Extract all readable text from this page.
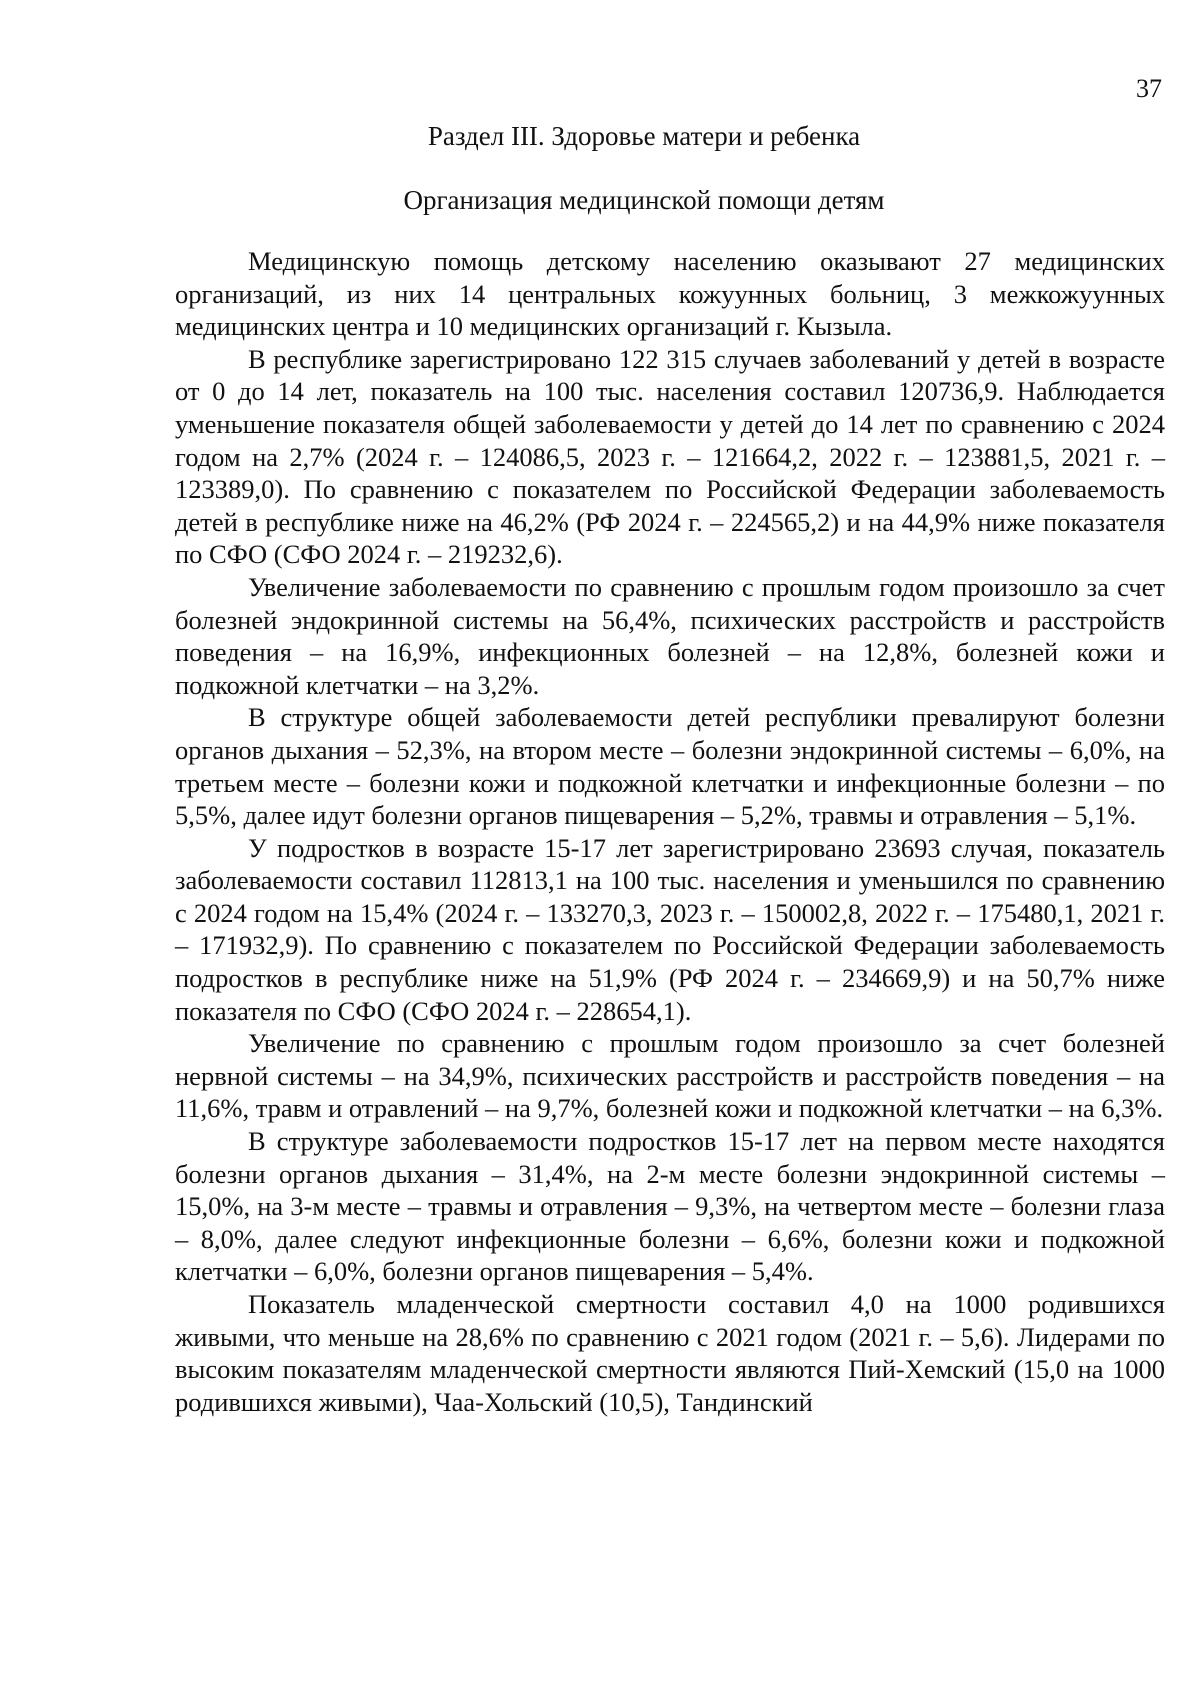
37
Раздел III. Здоровье матери и ребенка
Организация медицинской помощи детям

Медицинскую помощь детскому населению оказывают 27 медицинских организаций, из них 14 центральных кожуунных больниц, 3 межкожуунных медицинских центра и 10 медицинских организаций г. Кызыла.

В республике зарегистрировано 122 315 случаев заболеваний у детей в возрасте от 0 до 14 лет, показатель на 100 тыс. населения составил 120736,9. Наблюдается уменьшение показателя общей заболеваемости у детей до 14 лет по сравнению с 2024 годом на 2,7% (2024 г. – 124086,5, 2023 г. – 121664,2, 2022 г. – 123881,5, 2021 г. – 123389,0). По сравнению с показателем по Российской Федерации заболеваемость детей в республике ниже на 46,2% (РФ 2024 г. – 224565,2) и на 44,9% ниже показателя по СФО (СФО 2024 г. – 219232,6).

Увеличение заболеваемости по сравнению с прошлым годом произошло за счет болезней эндокринной системы на 56,4%, психических расстройств и расстройств поведения – на 16,9%, инфекционных болезней – на 12,8%, болезней кожи и подкожной клетчатки – на 3,2%.

В структуре общей заболеваемости детей республики превалируют болезни органов дыхания – 52,3%, на втором месте – болезни эндокринной системы – 6,0%, на третьем месте – болезни кожи и подкожной клетчатки и инфекционные болезни – по 5,5%, далее идут болезни органов пищеварения – 5,2%, травмы и отравления – 5,1%.

У подростков в возрасте 15-17 лет зарегистрировано 23693 случая, показатель заболеваемости составил 112813,1 на 100 тыс. населения и уменьшился по сравнению с 2024 годом на 15,4% (2024 г. – 133270,3, 2023 г. – 150002,8, 2022 г. – 175480,1, 2021 г. – 171932,9). По сравнению с показателем по Российской Федерации заболеваемость подростков в республике ниже на 51,9% (РФ 2024 г. – 234669,9) и на 50,7% ниже показателя по СФО (СФО 2024 г. – 228654,1).

Увеличение по сравнению с прошлым годом произошло за счет болезней нервной системы – на 34,9%, психических расстройств и расстройств поведения – на 11,6%, травм и отравлений – на 9,7%, болезней кожи и подкожной клетчатки – на 6,3%.

В структуре заболеваемости подростков 15-17 лет на первом месте находятся болезни органов дыхания – 31,4%, на 2-м месте болезни эндокринной системы – 15,0%, на 3-м месте – травмы и отравления – 9,3%, на четвертом месте – болезни глаза – 8,0%, далее следуют инфекционные болезни – 6,6%, болезни кожи и подкожной клетчатки – 6,0%, болезни органов пищеварения – 5,4%.

Показатель младенческой смертности составил 4,0 на 1000 родившихся живыми, что меньше на 28,6% по сравнению с 2021 годом (2021 г. – 5,6). Лидерами по высоким показателям младенческой смертности являются Пий-Хемский (15,0 на 1000 родившихся живыми), Чаа-Хольский (10,5), Тандинский
